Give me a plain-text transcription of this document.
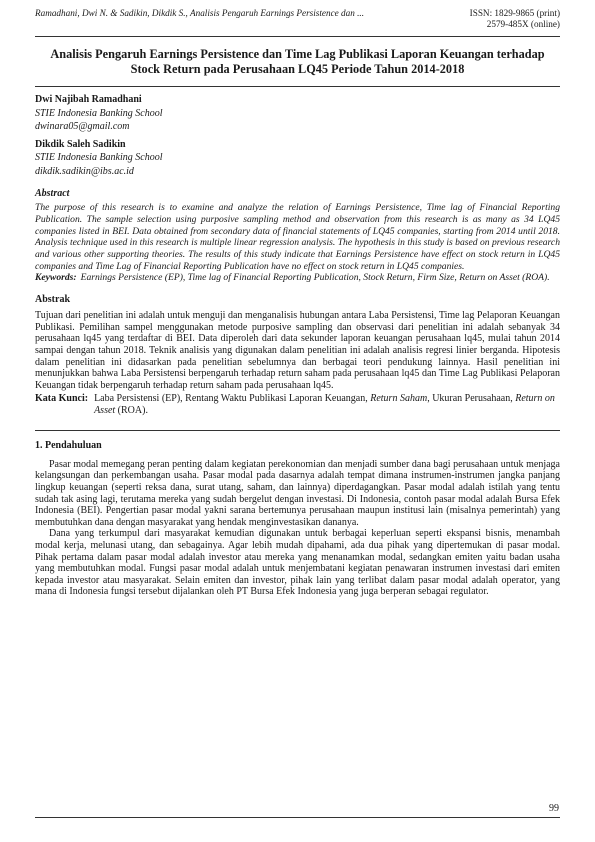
Ramadhani, Dwi N. & Sadikin, Dikdik S., Analisis Pengaruh Earnings Persistence dan ...	ISSN: 1829-9865 (print)
2579-485X (online)
Analisis Pengaruh Earnings Persistence dan Time Lag Publikasi Laporan Keuangan terhadap Stock Return pada Perusahaan LQ45 Periode Tahun 2014-2018
Dwi Najibah Ramadhani
STIE Indonesia Banking School
dwinara05@gmail.com
Dikdik Saleh Sadikin
STIE Indonesia Banking School
dikdik.sadikin@ibs.ac.id
Abstract
The purpose of this research is to examine and analyze the relation of Earnings Persistence, Time lag of Financial Reporting Publication. The sample selection using purposive sampling method and observation from this research is as many as 34 LQ45 companies listed in BEI. Data obtained from secondary data of financial statements of LQ45 companies, starting from 2014 until 2018. Analysis technique used in this research is multiple linear regression analysis. The hypothesis in this study is based on previous research and various other supporting theories. The results of this study indicate that Earnings Persistence have effect on stock return in LQ45 companies and Time Lag of Financial Reporting Publication have no effect on stock return in LQ45 companies.
Keywords: Earnings Persistence (EP), Time lag of Financial Reporting Publication, Stock Return, Firm Size, Return on Asset (ROA).
Abstrak
Tujuan dari penelitian ini adalah untuk menguji dan menganalisis hubungan antara Laba Persistensi, Time lag Pelaporan Keuangan Publikasi. Pemilihan sampel menggunakan metode purposive sampling dan observasi dari penelitian ini adalah sebanyak 34 perusahaan lq45 yang terdaftar di BEI. Data diperoleh dari data sekunder laporan keuangan perusahaan lq45, mulai tahun 2014 sampai dengan tahun 2018. Teknik analisis yang digunakan dalam penelitian ini adalah analisis regresi linier berganda. Hipotesis dalam penelitian ini didasarkan pada penelitian sebelumnya dan berbagai teori pendukung lainnya. Hasil penelitian ini menunjukkan bahwa Laba Persistensi berpengaruh terhadap return saham pada perusahaan lq45 dan Time Lag Publikasi Pelaporan Keuangan tidak berpengaruh terhadap return saham pada perusahaan lq45.
Kata Kunci: Laba Persistensi (EP), Rentang Waktu Publikasi Laporan Keuangan, Return Saham, Ukuran Perusahaan, Return on Asset (ROA).
1. Pendahuluan

Pasar modal memegang peran penting dalam kegiatan perekonomian dan menjadi sumber dana bagi perusahaan untuk menjaga kelangsungan dan perkembangan usaha. Pasar modal pada dasarnya adalah tempat dimana instrumen-instrumen jangka panjang lingkup keuangan (seperti reksa dana, surat utang, saham, dan lainnya) diperdagangkan. Pasar modal adalah istilah yang tentu sudah tak asing lagi, terutama mereka yang sudah bergelut dengan investasi. Di Indonesia, contoh pasar modal adalah Bursa Efek Indonesia (BEI). Pengertian pasar modal yakni sarana bertemunya perusahaan maupun institusi lain (misalnya pemerintah) yang membutuhkan dana dengan masyarakat yang hendak menginvestasikan dananya.

Dana yang terkumpul dari masyarakat kemudian digunakan untuk berbagai keperluan seperti ekspansi bisnis, menambah modal kerja, melunasi utang, dan sebagainya. Agar lebih mudah dipahami, ada dua pihak yang dipertemukan di pasar modal. Pihak pertama dalam pasar modal adalah investor atau mereka yang menanamkan modal, sedangkan emiten yaitu badan usaha yang membutuhkan modal. Fungsi pasar modal adalah untuk menjembatani kegiatan penawaran instrumen investasi dari emiten kepada investor atau masyarakat. Selain emiten dan investor, pihak lain yang terlibat dalam pasar modal adalah operator, yang mana di Indonesia fungsi tersebut dijalankan oleh PT Bursa Efek Indonesia yang juga berperan sebagai regulator.

99
